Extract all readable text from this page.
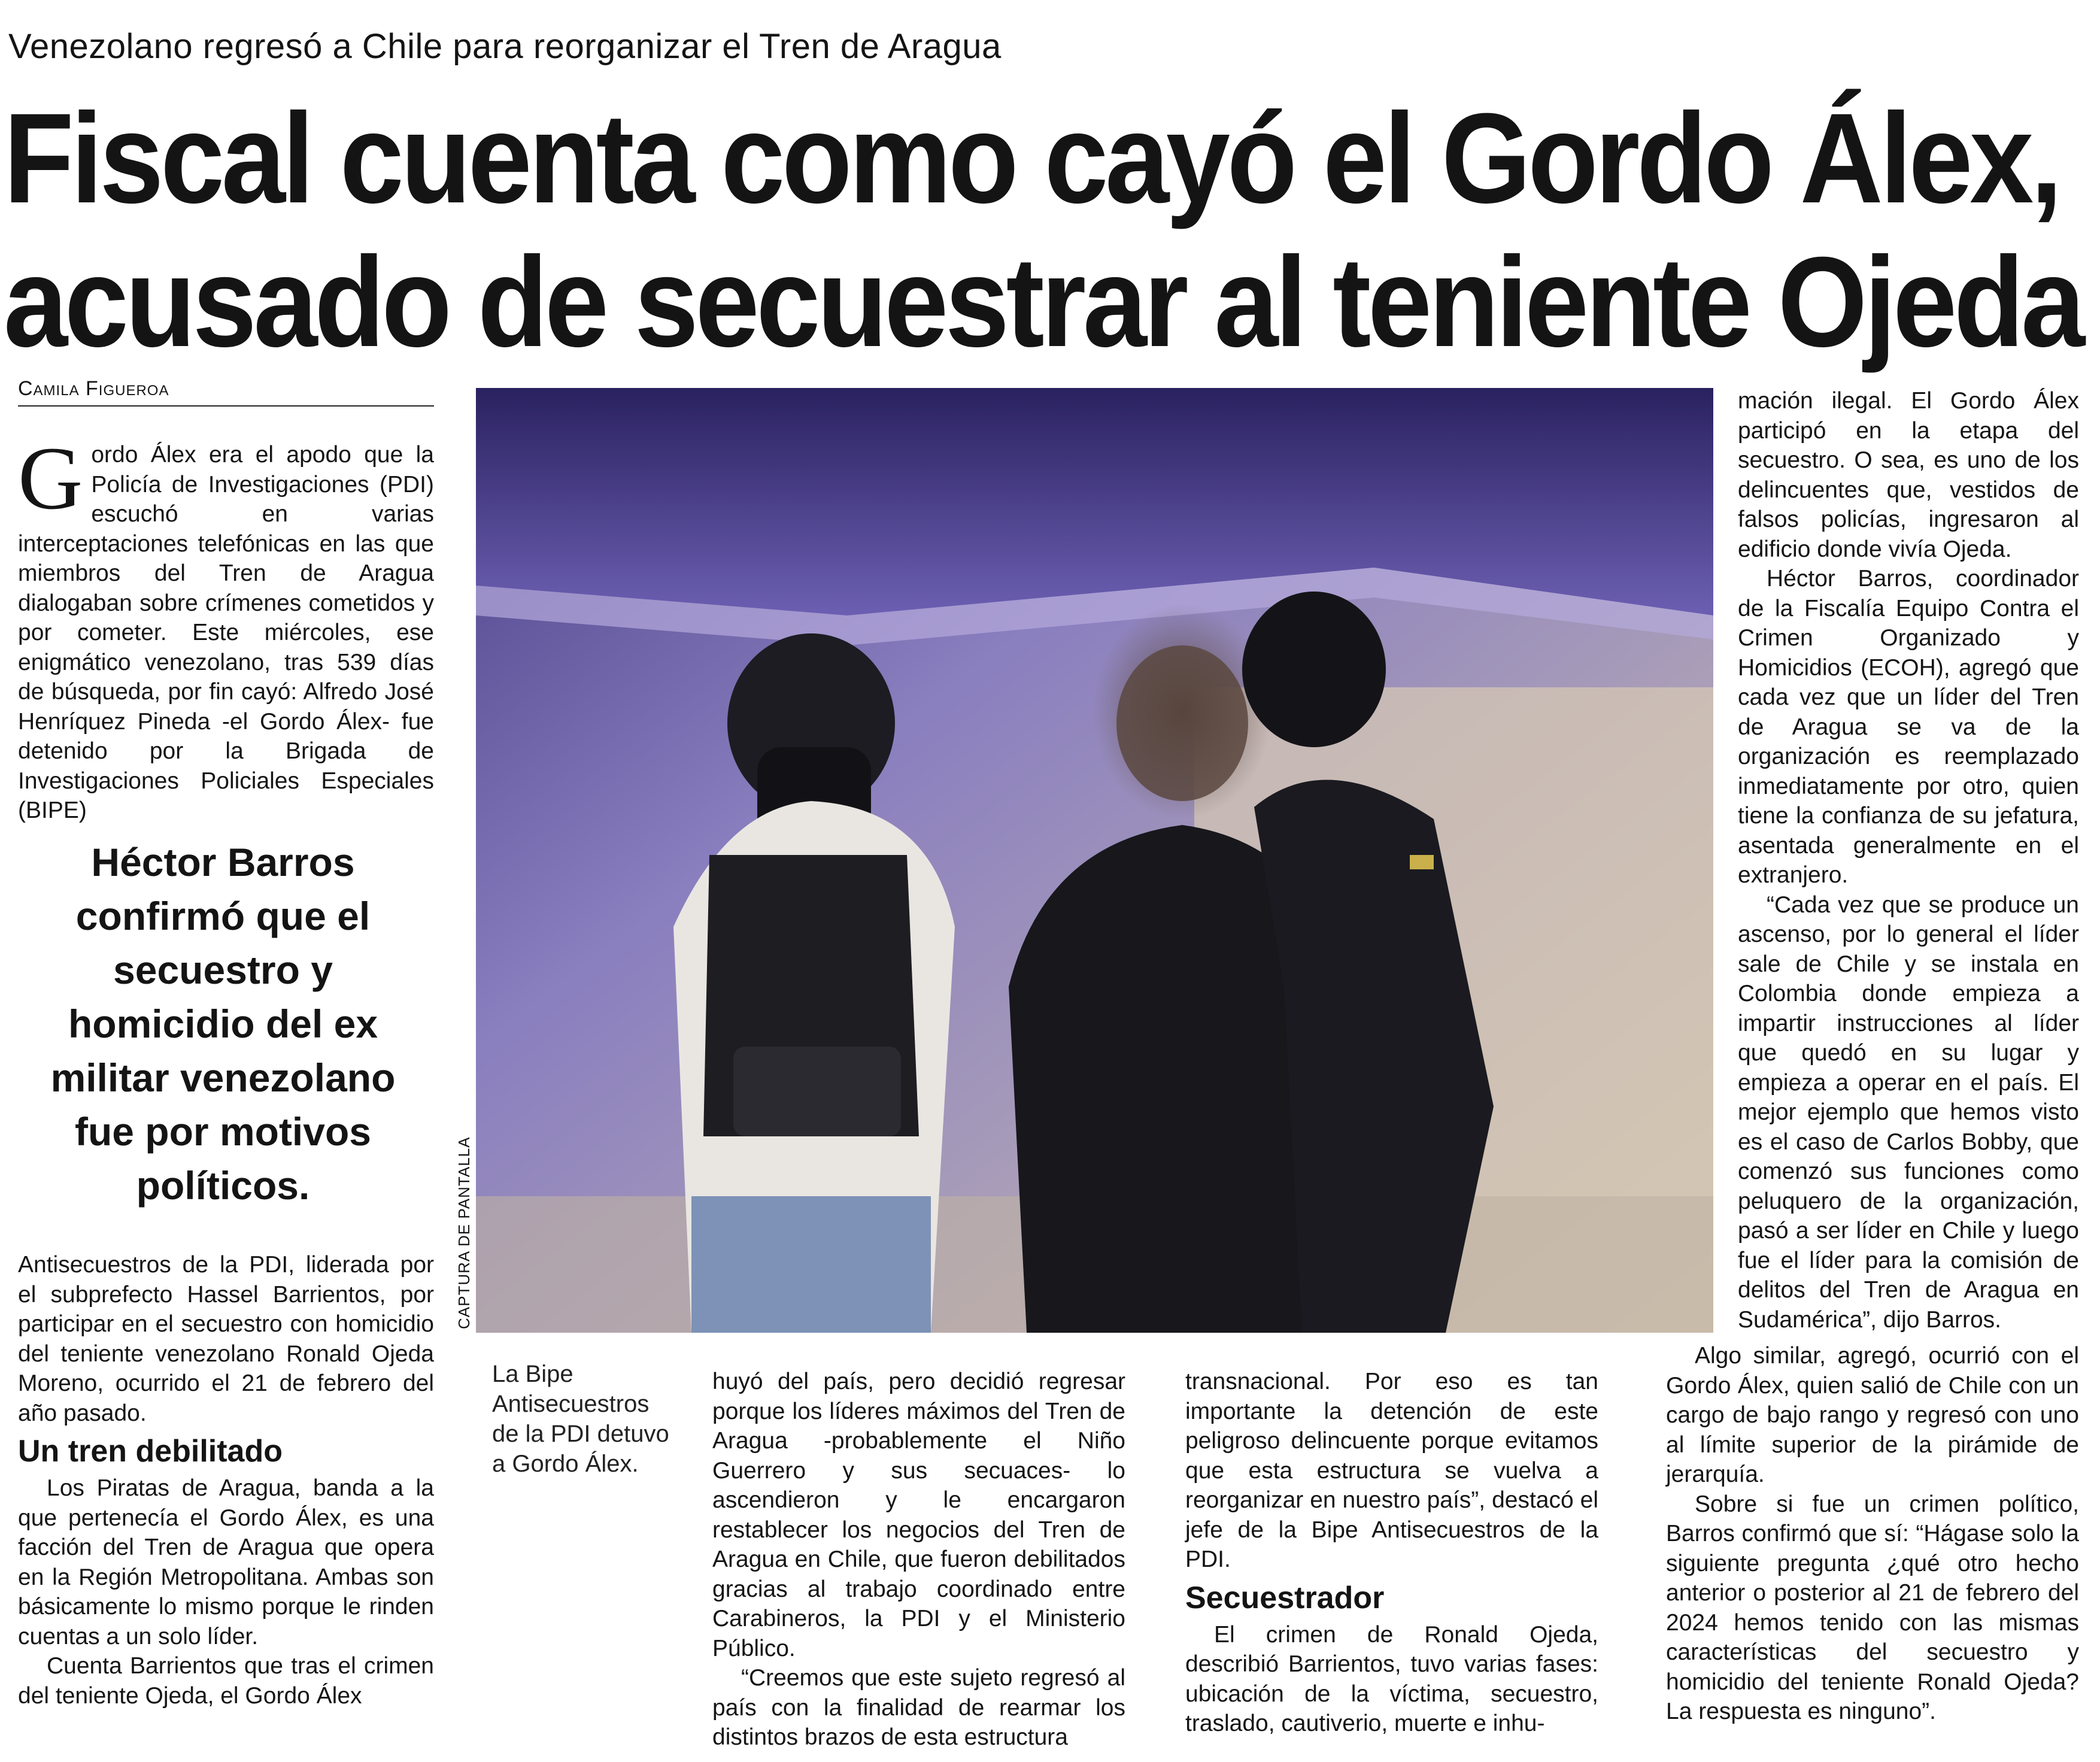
Venezolano regresó a Chile para reorganizar el Tren de Aragua
Fiscal cuenta como cayó el Gordo Álex,
acusado de secuestrar al teniente Ojeda
Camila Figueroa

Gordo Álex era el apodo que la Policía de Investigaciones (PDI) escuchó en varias interceptaciones telefónicas en las que miembros del Tren de Aragua dialogaban sobre crímenes cometidos y por cometer. Este miércoles, ese enigmático venezolano, tras 539 días de búsqueda, por fin cayó: Alfredo José Henríquez Pineda -el Gordo Álex- fue detenido por la Brigada de Investigaciones Policiales Especiales (BIPE)

Héctor Barros confirmó que el secuestro y homicidio del ex militar venezolano fue por motivos políticos.

Antisecuestros de la PDI, liderada por el subprefecto Hassel Barrientos, por participar en el secuestro con homicidio del teniente venezolano Ronald Ojeda Moreno, ocurrido el 21 de febrero del año pasado.

Un tren debilitado

Los Piratas de Aragua, banda a la que pertenecía el Gordo Álex, es una facción del Tren de Aragua que opera en la Región Metropolitana. Ambas son básicamente lo mismo porque le rinden cuentas a un solo líder.

Cuenta Barrientos que tras el crimen del teniente Ojeda, el Gordo Álex

CAPTURA DE PANTALLA
La Bipe Antisecuestros de la PDI detuvo a Gordo Álex.

huyó del país, pero decidió regresar porque los líderes máximos del Tren de Aragua -probablemente el Niño Guerrero y sus secuaces- lo ascendieron y le encargaron restablecer los negocios del Tren de Aragua en Chile, que fueron debilitados gracias al trabajo coordinado entre Carabineros, la PDI y el Ministerio Público.

“Creemos que este sujeto regresó al país con la finalidad de rearmar los distintos brazos de esta estructura

transnacional. Por eso es tan importante la detención de este peligroso delincuente porque evitamos que esta estructura se vuelva a reorganizar en nuestro país”, destacó el jefe de la Bipe Antisecuestros de la PDI.

Secuestrador

El crimen de Ronald Ojeda, describió Barrientos, tuvo varias fases: ubicación de la víctima, secuestro, traslado, cautiverio, muerte e inhu-

mación ilegal. El Gordo Álex participó en la etapa del secuestro. O sea, es uno de los delincuentes que, vestidos de falsos policías, ingresaron al edificio donde vivía Ojeda.

Héctor Barros, coordinador de la Fiscalía Equipo Contra el Crimen Organizado y Homicidios (ECOH), agregó que cada vez que un líder del Tren de Aragua se va de la organización es reemplazado inmediatamente por otro, quien tiene la confianza de su jefatura, asentada generalmente en el extranjero.

“Cada vez que se produce un ascenso, por lo general el líder sale de Chile y se instala en Colombia donde empieza a impartir instrucciones al líder que quedó en su lugar y empieza a operar en el país. El mejor ejemplo que hemos visto es el caso de Carlos Bobby, que comenzó sus funciones como peluquero de la organización, pasó a ser líder en Chile y luego fue el líder para la comisión de delitos del Tren de Aragua en Sudamérica”, dijo Barros.

Algo similar, agregó, ocurrió con el Gordo Álex, quien salió de Chile con un cargo de bajo rango y regresó con uno al límite superior de la pirámide de jerarquía.

Sobre si fue un crimen político, Barros confirmó que sí: “Hágase solo la siguiente pregunta ¿qué otro hecho anterior o posterior al 21 de febrero del 2024 hemos tenido con las mismas características del secuestro y homicidio del teniente Ronald Ojeda? La respuesta es ninguno”.
